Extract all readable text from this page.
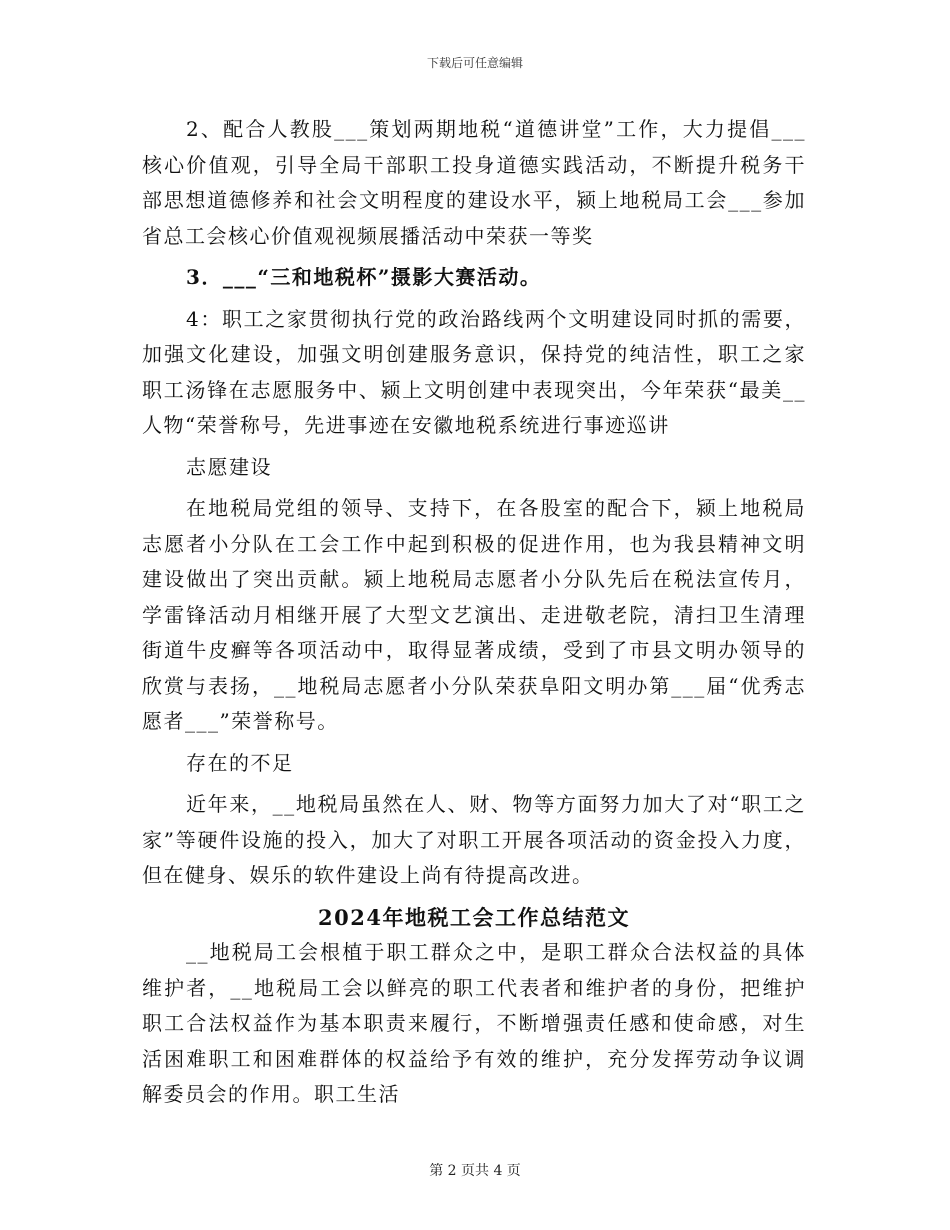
下载后可任意编辑

2、配合人教股___策划两期地税“道德讲堂”工作，大力提倡___核心价值观，引导全局干部职工投身道德实践活动，不断提升税务干部思想道德修养和社会文明程度的建设水平，颍上地税局工会___参加省总工会核心价值观视频展播活动中荣获一等奖

3．___“三和地税杯”摄影大赛活动。

4：职工之家贯彻执行党的政治路线两个文明建设同时抓的需要，加强文化建设，加强文明创建服务意识，保持党的纯洁性，职工之家职工汤锋在志愿服务中、颍上文明创建中表现突出，今年荣获“最美__人物“荣誉称号，先进事迹在安徽地税系统进行事迹巡讲

志愿建设

在地税局党组的领导、支持下，在各股室的配合下，颍上地税局志愿者小分队在工会工作中起到积极的促进作用，也为我县精神文明建设做出了突出贡献。颍上地税局志愿者小分队先后在税法宣传月，学雷锋活动月相继开展了大型文艺演出、走进敬老院，清扫卫生清理街道牛皮癣等各项活动中，取得显著成绩，受到了市县文明办领导的欣赏与表扬，__地税局志愿者小分队荣获阜阳文明办第___届“优秀志愿者___”荣誉称号。

存在的不足

近年来，__地税局虽然在人、财、物等方面努力加大了对“职工之家”等硬件设施的投入，加大了对职工开展各项活动的资金投入力度，但在健身、娱乐的软件建设上尚有待提高改进。

2024年地税工会工作总结范文

__地税局工会根植于职工群众之中，是职工群众合法权益的具体维护者，__地税局工会以鲜亮的职工代表者和维护者的身份，把维护职工合法权益作为基本职责来履行，不断增强责任感和使命感，对生活困难职工和困难群体的权益给予有效的维护，充分发挥劳动争议调解委员会的作用。职工生活

第 2 页共 4 页
